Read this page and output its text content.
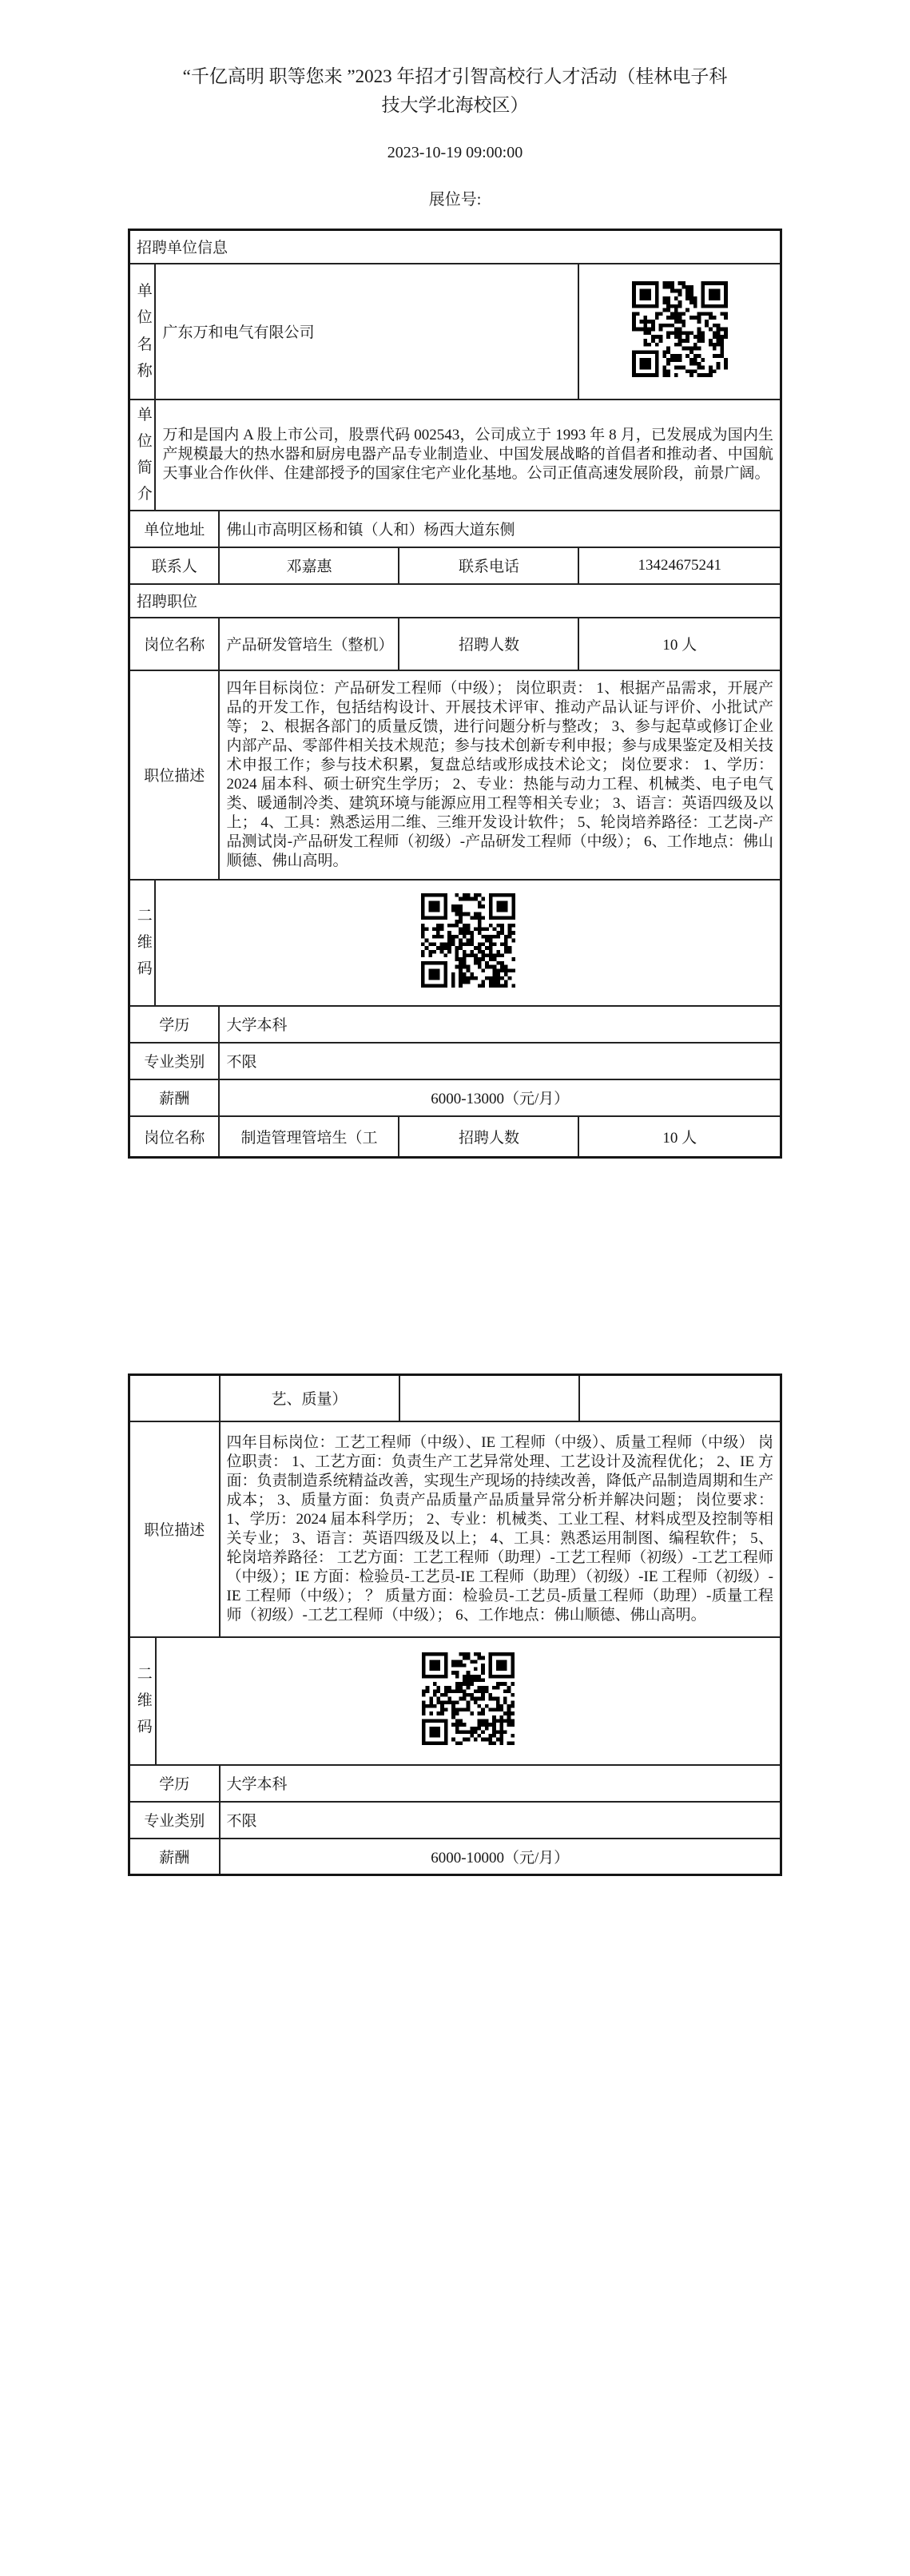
“千亿高明 职等您来 ”2023 年招才引智高校行人才活动（桂林电子科技大学北海校区）
2023-10-19 09:00:00
展位号:
招聘单位信息				
单位名称	广东万和电气有限公司	

单位简介	万和是国内 A 股上市公司，股票代码 002543，公司成立于 1993 年 8 月，已发展成为国内生产规模最大的热水器和厨房电器产品专业制造业、中国发展战略的首倡者和推动者、中国航天事业合作伙伴、住建部授予的国家住宅产业化基地。公司正值高速发展阶段，前景广阔。			
单位地址		佛山市高明区杨和镇（人和）杨西大道东侧		
联系人		邓嘉惠	联系电话	13424675241
招聘职位				
岗位名称		产品研发管培生（整机）	招聘人数	10 人
职位描述		四年目标岗位：产品研发工程师（中级）； 岗位职责： 1、根据产品需求，开展产品的开发工作，包括结构设计、开展技术评审、推动产品认证与评价、小批试产等； 2、根据各部门的质量反馈，进行问题分析与整改； 3、参与起草或修订企业内部产品、零部件相关技术规范；参与技术创新专利申报；参与成果鉴定及相关技术申报工作；参与技术积累，复盘总结或形成技术论文； 岗位要求： 1、学历：2024 届本科、硕士研究生学历； 2、专业：热能与动力工程、机械类、电子电气类、暖通制冷类、建筑环境与能源应用工程等相关专业； 3、语言：英语四级及以上； 4、工具：熟悉运用二维、三维开发设计软件； 5、轮岗培养路径：工艺岗-产品测试岗-产品研发工程师（初级）-产品研发工程师（中级）； 6、工作地点：佛山顺德、佛山高明。		
二维码	

学历		大学本科		
专业类别		不限		
薪酬		6000-13000（元/月）		
岗位名称		制造管理管培生（工	招聘人数	10 人
		艺、质量）		
职位描述		四年目标岗位：工艺工程师（中级）、IE 工程师（中级）、质量工程师（中级） 岗位职责： 1、工艺方面：负责生产工艺异常处理、工艺设计及流程优化； 2、IE 方面：负责制造系统精益改善，实现生产现场的持续改善，降低产品制造周期和生产成本； 3、质量方面：负责产品质量产品质量异常分析并解决问题； 岗位要求： 1、学历：2024 届本科学历； 2、专业：机械类、工业工程、材料成型及控制等相关专业； 3、语言：英语四级及以上； 4、工具：熟悉运用制图、编程软件； 5、轮岗培养路径： 工艺方面：工艺工程师（助理）-工艺工程师（初级）-工艺工程师（中级）；IE 方面：检验员-工艺员-IE 工程师（助理）（初级）-IE 工程师（初级）-IE 工程师（中级）； ？ 质量方面：检验员-工艺员-质量工程师（助理）-质量工程师（初级）-工艺工程师（中级）； 6、工作地点：佛山顺德、佛山高明。		
二维码	

学历		大学本科		
专业类别		不限		
薪酬		6000-10000（元/月）		
